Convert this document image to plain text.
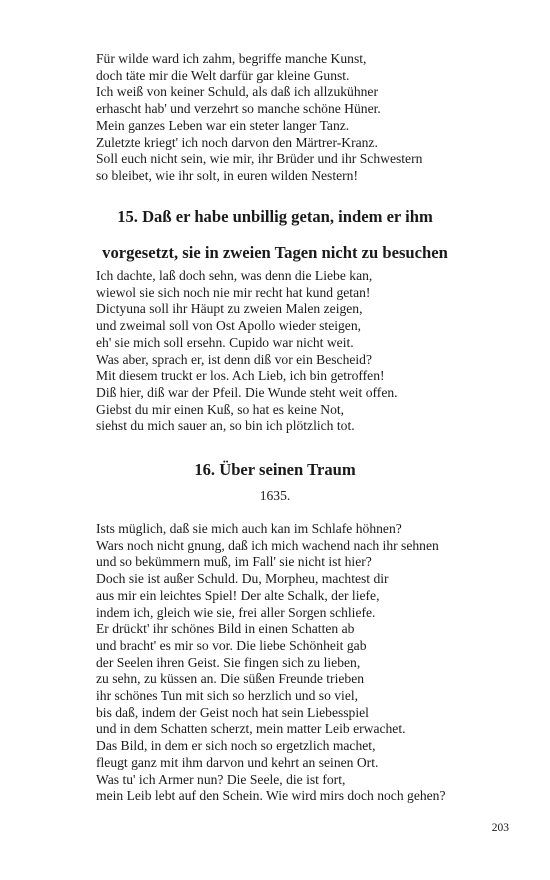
Für wilde ward ich zahm, begriffe manche Kunst,
doch täte mir die Welt darfür gar kleine Gunst.
Ich weiß von keiner Schuld, als daß ich allzukühner
erhascht hab' und verzehrt so manche schöne Hüner.
Mein ganzes Leben war ein steter langer Tanz.
Zuletzte kriegt' ich noch darvon den Märtrer-Kranz.
Soll euch nicht sein, wie mir, ihr Brüder und ihr Schwestern
so bleibet, wie ihr solt, in euren wilden Nestern!
15. Daß er habe unbillig getan, indem er ihm
vorgesetzt, sie in zweien Tagen nicht zu besuchen
Ich dachte, laß doch sehn, was denn die Liebe kan,
wiewol sie sich noch nie mir recht hat kund getan!
Dictyuna soll ihr Häupt zu zweien Malen zeigen,
und zweimal soll von Ost Apollo wieder steigen,
eh' sie mich soll ersehn. Cupido war nicht weit.
Was aber, sprach er, ist denn diß vor ein Bescheid?
Mit diesem truckt er los. Ach Lieb, ich bin getroffen!
Diß hier, diß war der Pfeil. Die Wunde steht weit offen.
Giebst du mir einen Kuß, so hat es keine Not,
siehst du mich sauer an, so bin ich plötzlich tot.
16. Über seinen Traum
1635.
Ists müglich, daß sie mich auch kan im Schlafe höhnen?
Wars noch nicht gnung, daß ich mich wachend nach ihr sehnen
und so bekümmern muß, im Fall' sie nicht ist hier?
Doch sie ist außer Schuld. Du, Morpheu, machtest dir
aus mir ein leichtes Spiel! Der alte Schalk, der liefe,
indem ich, gleich wie sie, frei aller Sorgen schliefe.
Er drückt' ihr schönes Bild in einen Schatten ab
und bracht' es mir so vor. Die liebe Schönheit gab
der Seelen ihren Geist. Sie fingen sich zu lieben,
zu sehn, zu küssen an. Die süßen Freunde trieben
ihr schönes Tun mit sich so herzlich und so viel,
bis daß, indem der Geist noch hat sein Liebesspiel
und in dem Schatten scherzt, mein matter Leib erwachet.
Das Bild, in dem er sich noch so ergetzlich machet,
fleugt ganz mit ihm darvon und kehrt an seinen Ort.
Was tu' ich Armer nun? Die Seele, die ist fort,
mein Leib lebt auf den Schein. Wie wird mirs doch noch gehen?
203
